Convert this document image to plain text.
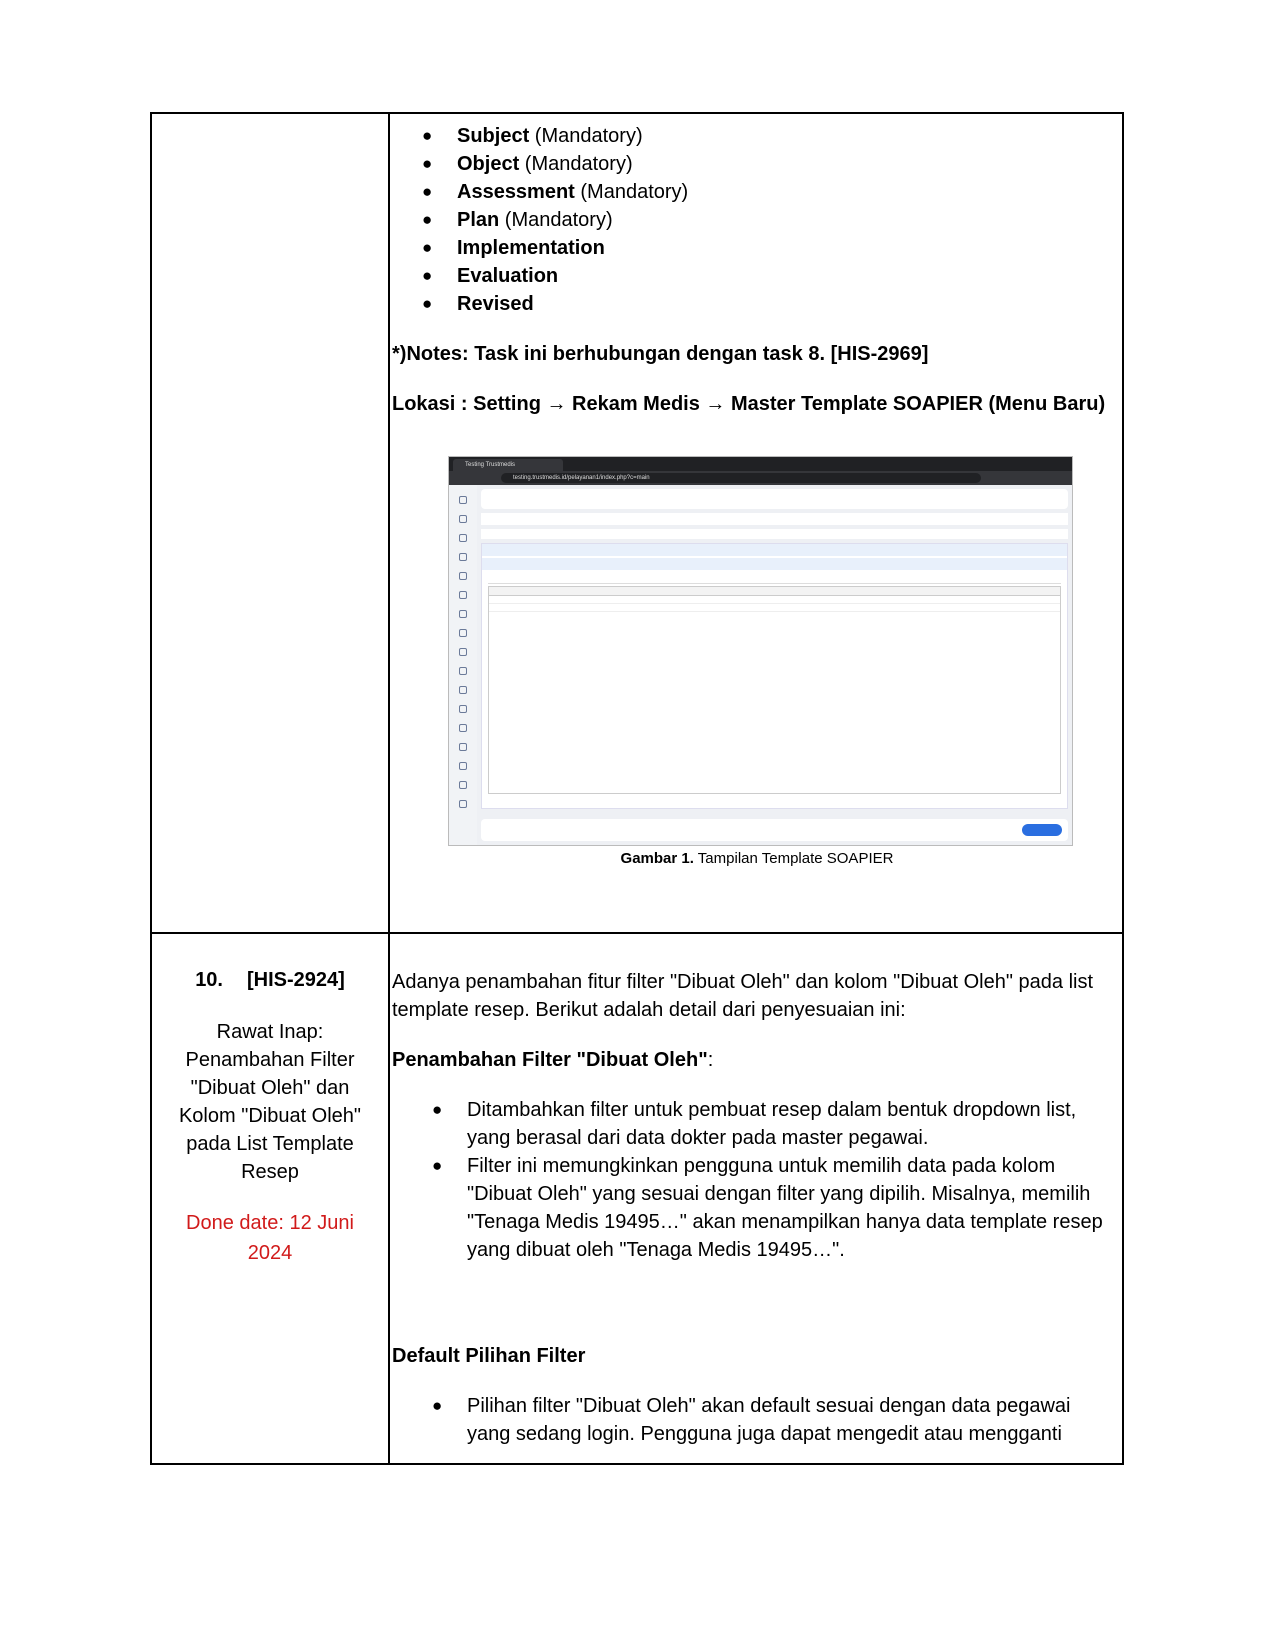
● Subject (Mandatory)
● Object (Mandatory)
● Assessment (Mandatory)
● Plan (Mandatory)
● Implementation
● Evaluation
● Revised
*)Notes: Task ini berhubungan dengan task 8. [HIS-2969]
Lokasi : Setting → Rekam Medis → Master Template SOAPIER (Menu Baru)
Testing Trustmedis
testing.trustmedis.id/pelayanan1/index.php?c=main
Gambar 1. Tampilan Template SOAPIER
10. [HIS-2924]
Rawat Inap: Penambahan Filter "Dibuat Oleh" dan Kolom "Dibuat Oleh" pada List Template Resep
Done date: 12 Juni 2024
Adanya penambahan fitur filter "Dibuat Oleh" dan kolom "Dibuat Oleh" pada list template resep. Berikut adalah detail dari penyesuaian ini:
Penambahan Filter "Dibuat Oleh":
● Ditambahkan filter untuk pembuat resep dalam bentuk dropdown list, yang berasal dari data dokter pada master pegawai.
● Filter ini memungkinkan pengguna untuk memilih data pada kolom "Dibuat Oleh" yang sesuai dengan filter yang dipilih. Misalnya, memilih "Tenaga Medis 19495…" akan menampilkan hanya data template resep yang dibuat oleh "Tenaga Medis 19495…".
Default Pilihan Filter
● Pilihan filter "Dibuat Oleh" akan default sesuai dengan data pegawai yang sedang login. Pengguna juga dapat mengedit atau mengganti
